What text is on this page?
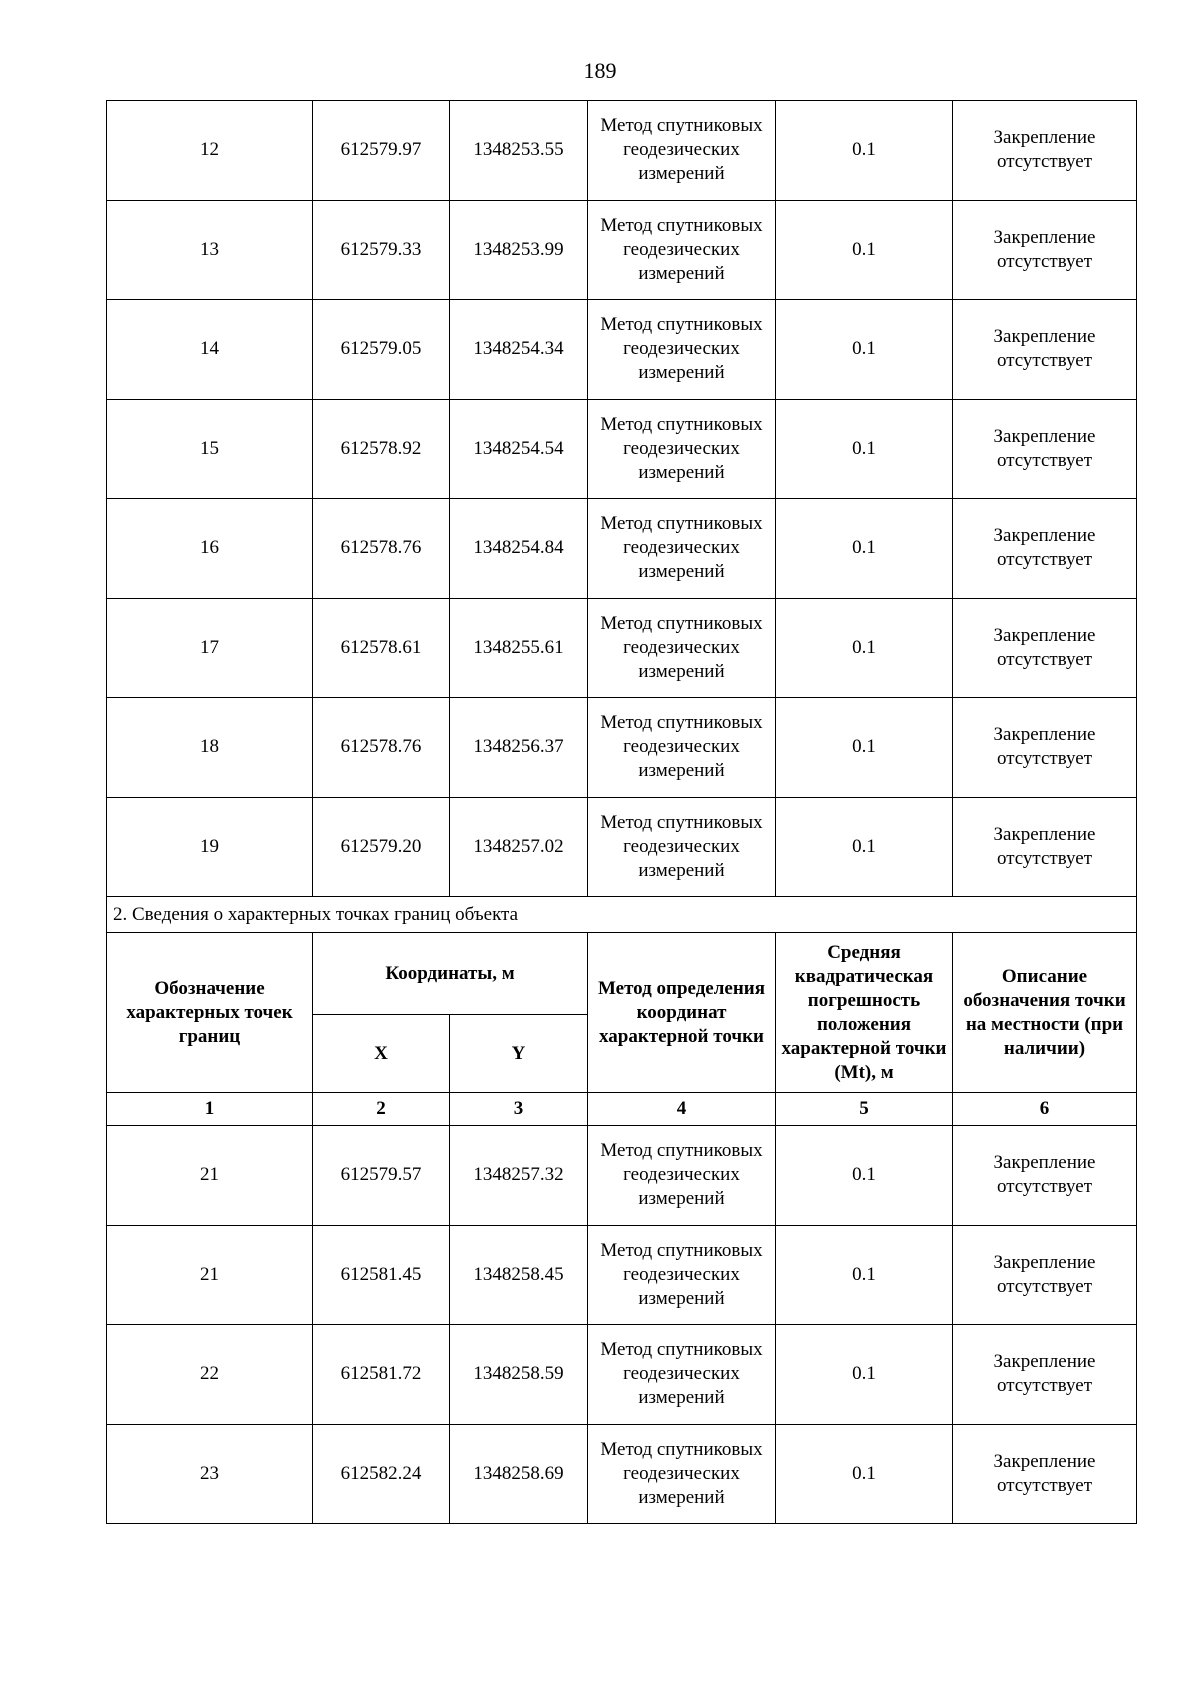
189
12	612579.97	1348253.55	Метод спутниковых геодезических измерений	0.1	Закрепление отсутствует
13	612579.33	1348253.99	Метод спутниковых геодезических измерений	0.1	Закрепление отсутствует
14	612579.05	1348254.34	Метод спутниковых геодезических измерений	0.1	Закрепление отсутствует
15	612578.92	1348254.54	Метод спутниковых геодезических измерений	0.1	Закрепление отсутствует
16	612578.76	1348254.84	Метод спутниковых геодезических измерений	0.1	Закрепление отсутствует
17	612578.61	1348255.61	Метод спутниковых геодезических измерений	0.1	Закрепление отсутствует
18	612578.76	1348256.37	Метод спутниковых геодезических измерений	0.1	Закрепление отсутствует
19	612579.20	1348257.02	Метод спутниковых геодезических измерений	0.1	Закрепление отсутствует
2. Сведения о характерных точках границ объекта					
Обозначение характерных точек границ	Координаты, м		Метод определения координат характерной точки	Средняя квадратическая погрешность положения характерной точки (Mt), м	Описание обозначения точки на местности (при наличии)
	X	Y			
1	2	3	4	5	6
21	612579.57	1348257.32	Метод спутниковых геодезических измерений	0.1	Закрепление отсутствует
21	612581.45	1348258.45	Метод спутниковых геодезических измерений	0.1	Закрепление отсутствует
22	612581.72	1348258.59	Метод спутниковых геодезических измерений	0.1	Закрепление отсутствует
23	612582.24	1348258.69	Метод спутниковых геодезических измерений	0.1	Закрепление отсутствует
